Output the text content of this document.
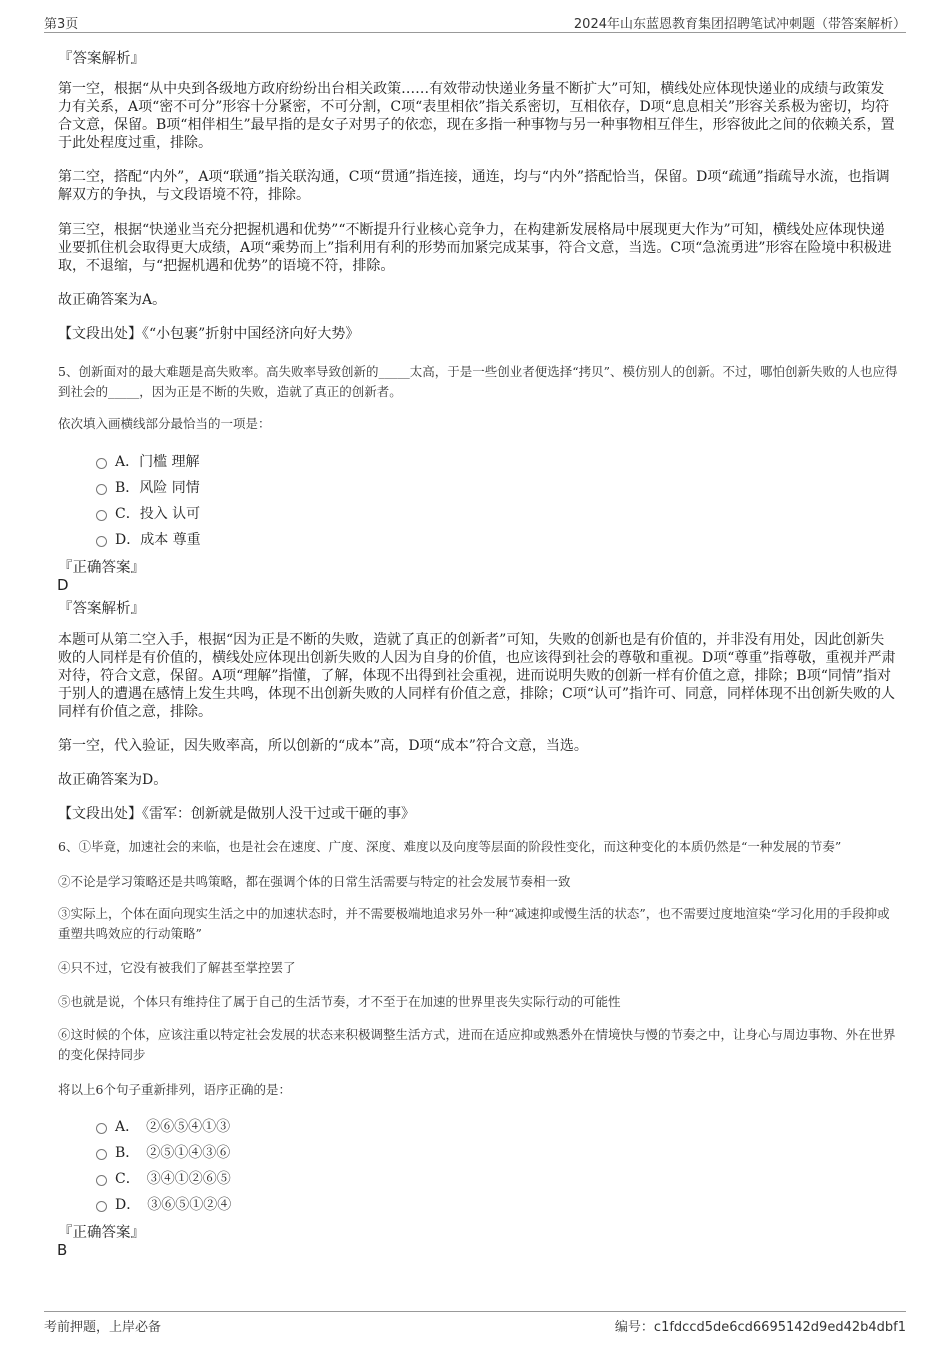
第3页	2024年山东蓝恩教育集团招聘笔试冲刺题（带答案解析）
『答案解析』
第一空，根据“从中央到各级地方政府纷纷出台相关政策……有效带动快递业务量不断扩大”可知，横线处应体现快递业的成绩与政策发力有关系，A项“密不可分”形容十分紧密，不可分割，C项“表里相依”指关系密切，互相依存，D项“息息相关”形容关系极为密切，均符合文意，保留。B项“相伴相生”最早指的是女子对男子的依恋，现在多指一种事物与另一种事物相互伴生，形容彼此之间的依赖关系，置于此处程度过重，排除。
第二空，搭配“内外”，A项“联通”指关联沟通，C项“贯通”指连接，通连，均与“内外”搭配恰当，保留。D项“疏通”指疏导水流，也指调解双方的争执，与文段语境不符，排除。
第三空，根据“快递业当充分把握机遇和优势”“不断提升行业核心竞争力，在构建新发展格局中展现更大作为”可知，横线处应体现快递业要抓住机会取得更大成绩，A项“乘势而上”指利用有利的形势而加紧完成某事，符合文意，当选。C项“急流勇进”形容在险境中积极进取，不退缩，与“把握机遇和优势”的语境不符，排除。
故正确答案为A。
【文段出处】《“小包裹”折射中国经济向好大势》
5、创新面对的最大难题是高失败率。高失败率导致创新的_____太高，于是一些创业者便选择“拷贝”、模仿别人的创新。不过，哪怕创新失败的人也应得到社会的_____，因为正是不断的失败，造就了真正的创新者。
依次填入画横线部分最恰当的一项是：
A．门槛 理解
B．风险 同情
C．投入 认可
D．成本 尊重
『正确答案』
D
『答案解析』
本题可从第二空入手，根据“因为正是不断的失败，造就了真正的创新者”可知，失败的创新也是有价值的，并非没有用处，因此创新失败的人同样是有价值的，横线处应体现出创新失败的人因为自身的价值，也应该得到社会的尊敬和重视。D项“尊重”指尊敬，重视并严肃对待，符合文意，保留。A项“理解”指懂，了解，体现不出得到社会重视，进而说明失败的创新一样有价值之意，排除；B项“同情”指对于别人的遭遇在感情上发生共鸣，体现不出创新失败的人同样有价值之意，排除；C项“认可”指许可、同意，同样体现不出创新失败的人同样有价值之意，排除。
第一空，代入验证，因失败率高，所以创新的“成本”高，D项“成本”符合文意，当选。
故正确答案为D。
【文段出处】《雷军：创新就是做别人没干过或干砸的事》
6、①毕竟，加速社会的来临，也是社会在速度、广度、深度、难度以及向度等层面的阶段性变化，而这种变化的本质仍然是“一种发展的节奏”
②不论是学习策略还是共鸣策略，都在强调个体的日常生活需要与特定的社会发展节奏相一致
③实际上，个体在面向现实生活之中的加速状态时，并不需要极端地追求另外一种“减速抑或慢生活的状态”，也不需要过度地渲染“学习化用的手段抑或重塑共鸣效应的行动策略”
④只不过，它没有被我们了解甚至掌控罢了
⑤也就是说，个体只有维持住了属于自己的生活节奏，才不至于在加速的世界里丧失实际行动的可能性
⑥这时候的个体，应该注重以特定社会发展的状态来积极调整生活方式，进而在适应抑或熟悉外在情境快与慢的节奏之中，让身心与周边事物、外在世界的变化保持同步
将以上6个句子重新排列，语序正确的是：
A．　②⑥⑤④①③
B．　②⑤①④③⑥
C．　③④①②⑥⑤
D．　③⑥⑤①②④
『正确答案』
B
考前押题，上岸必备	编号：c1fdccd5de6cd6695142d9ed42b4dbf1
